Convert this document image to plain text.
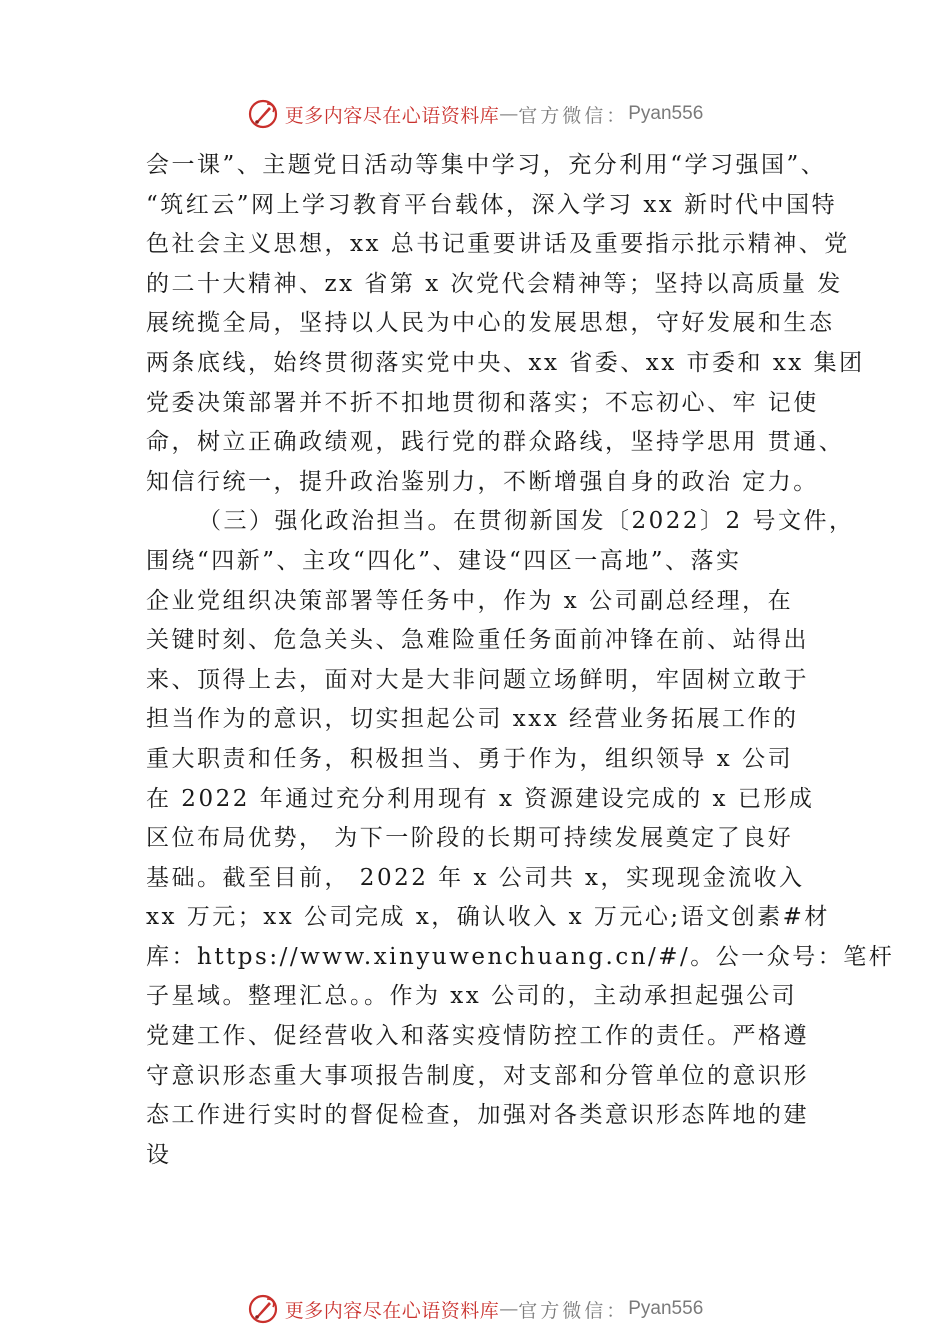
更多内容尽在心语资料库 — 官方微信： Pyan556
会一课”、主题党日活动等集中学习，充分利用“学习强国”、
“筑红云”网上学习教育平台载体，深入学习 xx 新时代中国特
色社会主义思想，xx 总书记重要讲话及重要指示批示精神、党
的二十大精神、zx 省第 x 次党代会精神等；坚持以高质量 发
展统揽全局，坚持以人民为中心的发展思想，守好发展和生态
两条底线，始终贯彻落实党中央、xx 省委、xx 市委和 xx 集团
党委决策部署并不折不扣地贯彻和落实；不忘初心、牢 记使
命，树立正确政绩观，践行党的群众路线，坚持学思用 贯通、
知信行统一，提升政治鉴别力，不断增强自身的政治 定力。
（三）强化政治担当。在贯彻新国发〔2022〕2 号文件，
围绕“四新”、主攻“四化”、建设“四区一高地”、落实
企业党组织决策部署等任务中，作为 x 公司副总经理，在
关键时刻、危急关头、急难险重任务面前冲锋在前、站得出
来、顶得上去，面对大是大非问题立场鲜明，牢固树立敢于
担当作为的意识，切实担起公司 xxx 经营业务拓展工作的
重大职责和任务，积极担当、勇于作为，组织领导 x 公司
在 2022 年通过充分利用现有 x 资源建设完成的 x 已形成
区位布局优势， 为下一阶段的长期可持续发展奠定了良好
基础。截至目前， 2022 年 x 公司共 x，实现现金流收入
xx 万元；xx 公司完成 x，确认收入 x 万元心;语文创素#材
库：https://www.xinyuwenchuang.cn/#/。公一众号：笔杆
子星域。整理汇总。。作为 xx 公司的，主动承担起强公司
党建工作、促经营收入和落实疫情防控工作的责任。严格遵
守意识形态重大事项报告制度，对支部和分管单位的意识形
态工作进行实时的督促检查，加强对各类意识形态阵地的建
设
更多内容尽在心语资料库 — 官方微信： Pyan556
